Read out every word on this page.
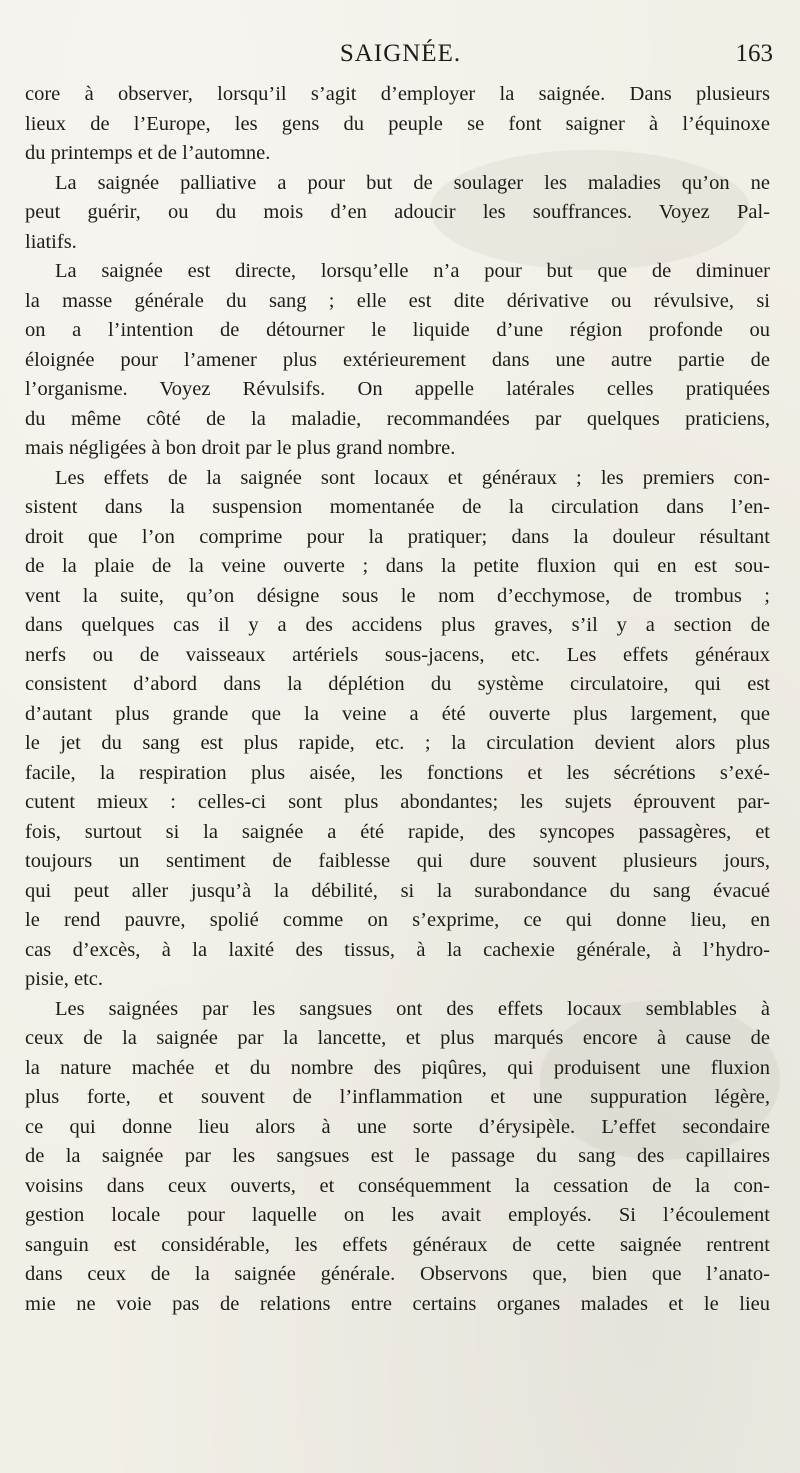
SAIGNÉE.	163
core à observer, lorsqu’il s’agit d’employer la saignée. Dans plusieurs
lieux de l’Europe, les gens du peuple se font saigner à l’équinoxe
du printemps et de l’automne.
La saignée palliative a pour but de soulager les maladies qu’on ne
peut guérir, ou du mois d’en adoucir les souffrances. Voyez Pal-
liatifs.
La saignée est directe, lorsqu’elle n’a pour but que de diminuer
la masse générale du sang ; elle est dite dérivative ou révulsive, si
on a l’intention de détourner le liquide d’une région profonde ou
éloignée pour l’amener plus extérieurement dans une autre partie de
l’organisme. Voyez Révulsifs. On appelle latérales celles pratiquées
du même côté de la maladie, recommandées par quelques praticiens,
mais négligées à bon droit par le plus grand nombre.
Les effets de la saignée sont locaux et généraux ; les premiers con-
sistent dans la suspension momentanée de la circulation dans l’en-
droit que l’on comprime pour la pratiquer; dans la douleur résultant
de la plaie de la veine ouverte ; dans la petite fluxion qui en est sou-
vent la suite, qu’on désigne sous le nom d’ecchymose, de trombus ;
dans quelques cas il y a des accidens plus graves, s’il y a section de
nerfs ou de vaisseaux artériels sous-jacens, etc. Les effets généraux
consistent d’abord dans la déplétion du système circulatoire, qui est
d’autant plus grande que la veine a été ouverte plus largement, que
le jet du sang est plus rapide, etc. ; la circulation devient alors plus
facile, la respiration plus aisée, les fonctions et les sécrétions s’exé-
cutent mieux : celles-ci sont plus abondantes; les sujets éprouvent par-
fois, surtout si la saignée a été rapide, des syncopes passagères, et
toujours un sentiment de faiblesse qui dure souvent plusieurs jours,
qui peut aller jusqu’à la débilité, si la surabondance du sang évacué
le rend pauvre, spolié comme on s’exprime, ce qui donne lieu, en
cas d’excès, à la laxité des tissus, à la cachexie générale, à l’hydro-
pisie, etc.
Les saignées par les sangsues ont des effets locaux semblables à
ceux de la saignée par la lancette, et plus marqués encore à cause de
la nature machée et du nombre des piqûres, qui produisent une fluxion
plus forte, et souvent de l’inflammation et une suppuration légère,
ce qui donne lieu alors à une sorte d’érysipèle. L’effet secondaire
de la saignée par les sangsues est le passage du sang des capillaires
voisins dans ceux ouverts, et conséquemment la cessation de la con-
gestion locale pour laquelle on les avait employés. Si l’écoulement
sanguin est considérable, les effets généraux de cette saignée rentrent
dans ceux de la saignée générale. Observons que, bien que l’anato-
mie ne voie pas de relations entre certains organes malades et le lieu
